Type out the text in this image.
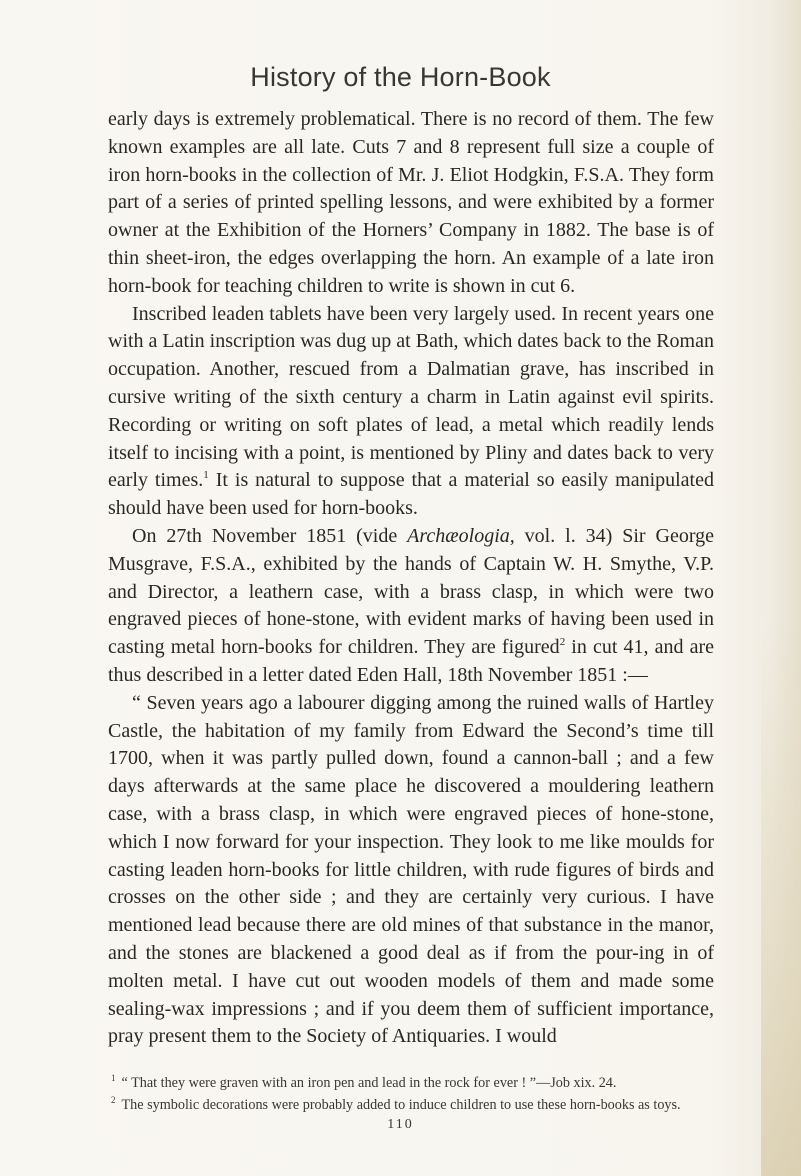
History of the Horn-Book

early days is extremely problematical. There is no record of them. The few known examples are all late. Cuts 7 and 8 represent full size a couple of iron horn-books in the collection of Mr. J. Eliot Hodgkin, F.S.A. They form part of a series of printed spelling lessons, and were exhibited by a former owner at the Exhibition of the Horners’ Company in 1882. The base is of thin sheet-iron, the edges overlapping the horn. An example of a late iron horn-book for teaching children to write is shown in cut 6.

Inscribed leaden tablets have been very largely used. In recent years one with a Latin inscription was dug up at Bath, which dates back to the Roman occupation. Another, rescued from a Dalmatian grave, has inscribed in cursive writing of the sixth century a charm in Latin against evil spirits. Recording or writing on soft plates of lead, a metal which readily lends itself to incising with a point, is mentioned by Pliny and dates back to very early times.$^1$ It is natural to suppose that a material so easily manipulated should have been used for horn-books.

On 27th November 1851 (vide Archæologia, vol. l. 34) Sir George Musgrave, F.S.A., exhibited by the hands of Captain W. H. Smythe, V.P. and Director, a leathern case, with a brass clasp, in which were two engraved pieces of hone-stone, with evident marks of having been used in casting metal horn-books for children. They are figured$^2$ in cut 41, and are thus described in a letter dated Eden Hall, 18th November 1851 :—

“ Seven years ago a labourer digging among the ruined walls of Hartley Castle, the habitation of my family from Edward the Second’s time till 1700, when it was partly pulled down, found a cannon-ball ; and a few days afterwards at the same place he discovered a mouldering leathern case, with a brass clasp, in which were engraved pieces of hone-stone, which I now forward for your inspection. They look to me like moulds for casting leaden horn-books for little children, with rude figures of birds and crosses on the other side ; and they are certainly very curious. I have mentioned lead because there are old mines of that substance in the manor, and the stones are blackened a good deal as if from the pour-ing in of molten metal. I have cut out wooden models of them and made some sealing-wax impressions ; and if you deem them of sufficient importance, pray present them to the Society of Antiquaries. I would

$^1$ “ That they were graven with an iron pen and lead in the rock for ever ! ”—Job xix. 24.
$^2$ The symbolic decorations were probably added to induce children to use these horn-books as toys.
110
